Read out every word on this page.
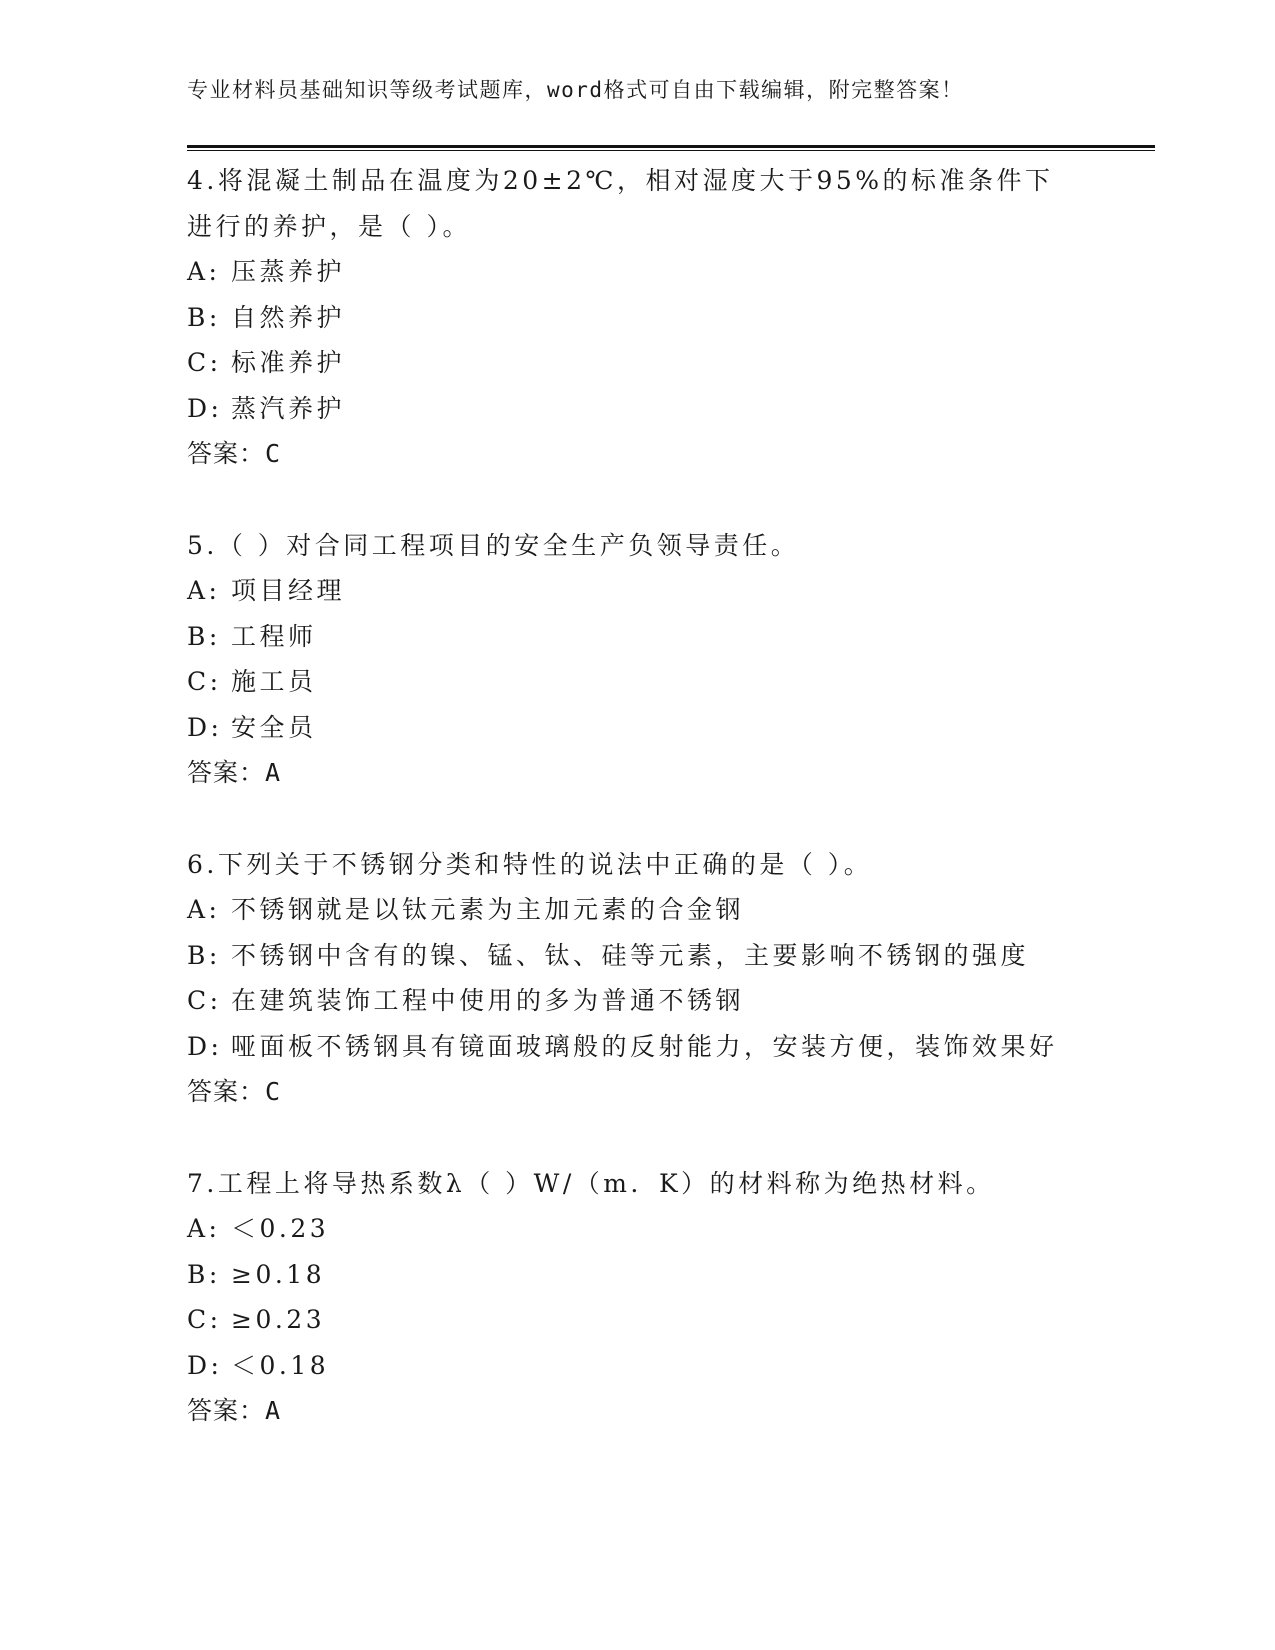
专业材料员基础知识等级考试题库，word格式可自由下载编辑，附完整答案！
4.将混凝土制品在温度为20±2℃，相对湿度大于95%的标准条件下
进行的养护，是（ ）。
A: 压蒸养护
B: 自然养护
C: 标准养护
D: 蒸汽养护
答案：C
5.（ ）对合同工程项目的安全生产负领导责任。
A: 项目经理
B: 工程师
C: 施工员
D: 安全员
答案：A
6.下列关于不锈钢分类和特性的说法中正确的是（ ）。
A: 不锈钢就是以钛元素为主加元素的合金钢
B: 不锈钢中含有的镍、锰、钛、硅等元素，主要影响不锈钢的强度
C: 在建筑装饰工程中使用的多为普通不锈钢
D: 哑面板不锈钢具有镜面玻璃般的反射能力，安装方便，装饰效果好
答案：C
7.工程上将导热系数λ（ ）W/（m．K）的材料称为绝热材料。
A: ＜0.23
B: ≥0.18
C: ≥0.23
D: ＜0.18
答案：A
